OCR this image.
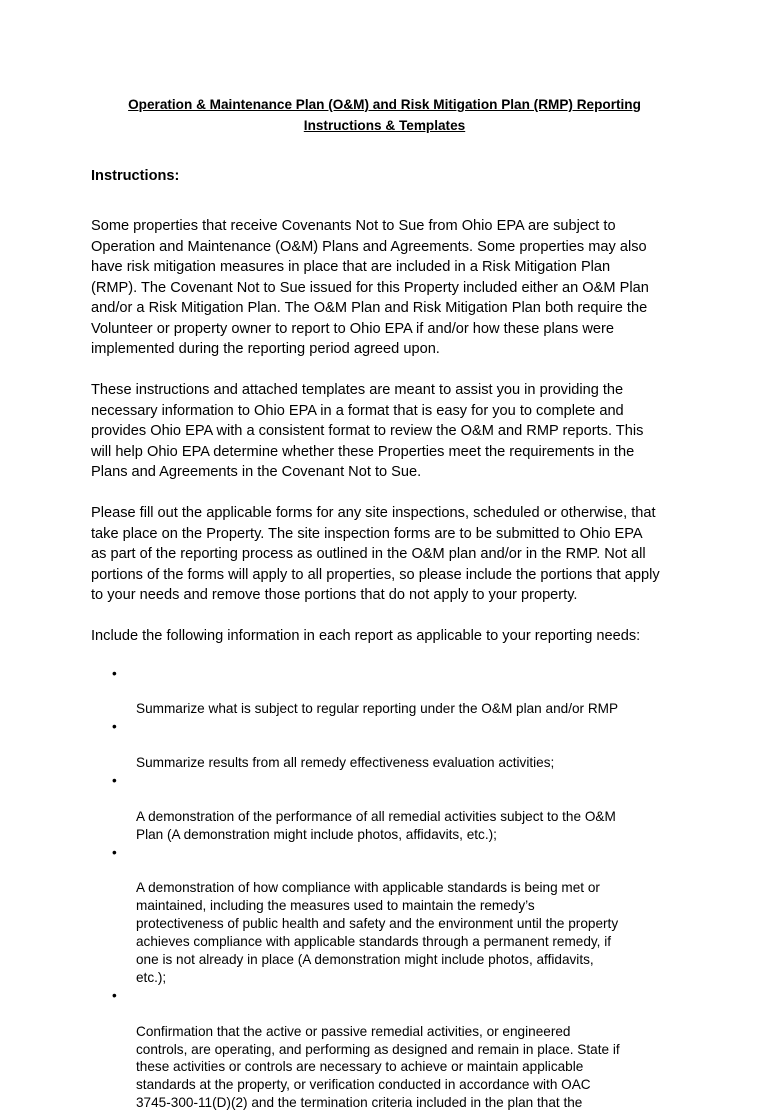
Operation & Maintenance Plan (O&M) and Risk Mitigation Plan (RMP) Reporting
Instructions & Templates

Instructions:

Some properties that receive Covenants Not to Sue from Ohio EPA are subject to
Operation and Maintenance (O&M) Plans and Agreements. Some properties may also
have risk mitigation measures in place that are included in a Risk Mitigation Plan
(RMP). The Covenant Not to Sue issued for this Property included either an O&M Plan
and/or a Risk Mitigation Plan. The O&M Plan and Risk Mitigation Plan both require the
Volunteer or property owner to report to Ohio EPA if and/or how these plans were
implemented during the reporting period agreed upon.

These instructions and attached templates are meant to assist you in providing the
necessary information to Ohio EPA in a format that is easy for you to complete and
provides Ohio EPA with a consistent format to review the O&M and RMP reports. This
will help Ohio EPA determine whether these Properties meet the requirements in the
Plans and Agreements in the Covenant Not to Sue.

Please fill out the applicable forms for any site inspections, scheduled or otherwise, that
take place on the Property. The site inspection forms are to be submitted to Ohio EPA
as part of the reporting process as outlined in the O&M plan and/or in the RMP. Not all
portions of the forms will apply to all properties, so please include the portions that apply
to your needs and remove those portions that do not apply to your property.

Include the following information in each report as applicable to your reporting needs:

•

Summarize what is subject to regular reporting under the O&M plan and/or RMP

•

Summarize results from all remedy effectiveness evaluation activities;

•

A demonstration of the performance of all remedial activities subject to the O&M
Plan (A demonstration might include photos, affidavits, etc.);

•

A demonstration of how compliance with applicable standards is being met or
maintained, including the measures used to maintain the remedy’s
protectiveness of public health and safety and the environment until the property
achieves compliance with applicable standards through a permanent remedy, if
one is not already in place (A demonstration might include photos, affidavits,
etc.);

•

Confirmation that the active or passive remedial activities, or engineered
controls, are operating, and performing as designed and remain in place. State if
these activities or controls are necessary to achieve or maintain applicable
standards at the property, or verification conducted in accordance with OAC
3745-300-11(D)(2) and the termination criteria included in the plan that the
